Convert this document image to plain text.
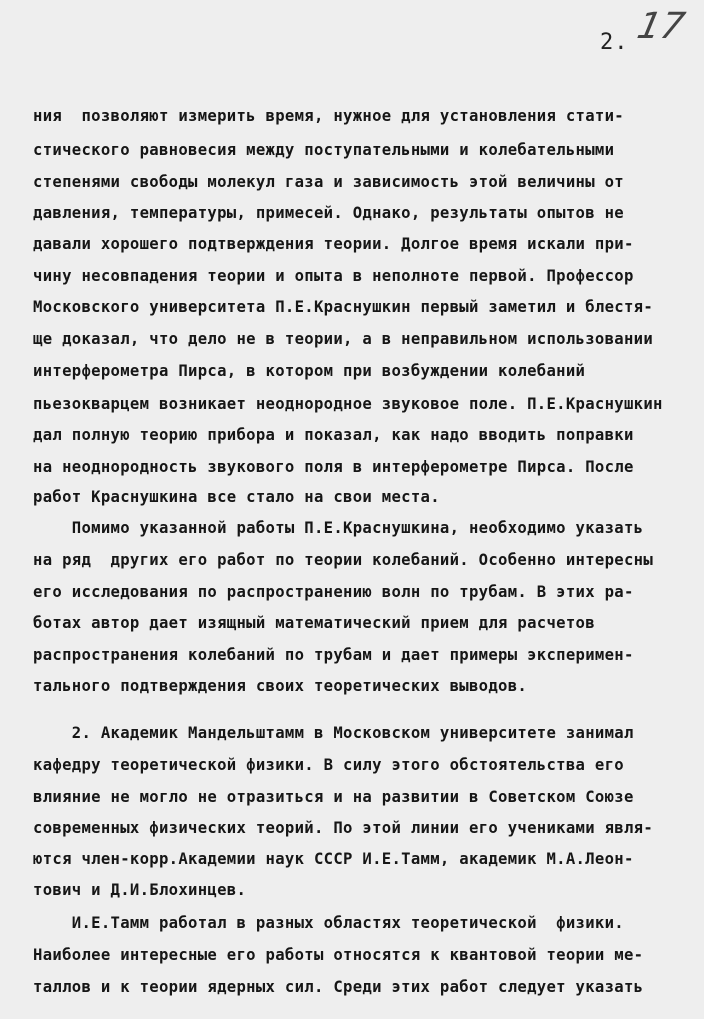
17
2.
ния  позволяют измерить время, нужное для установления стати-
стического равновесия между поступательными и колебательными
степенями свободы молекул газа и зависимость этой величины от
давления, температуры, примесей. Однако, результаты опытов не
давали хорошего подтверждения теории. Долгое время искали при-
чину несовпадения теории и опыта в неполноте первой. Профессор
Московского университета П.Е.Краснушкин первый заметил и блестя-
ще доказал, что дело не в теории, а в неправильном использовании
интерферометра Пирса, в котором при возбуждении колебаний
пьезокварцем возникает неоднородное звуковое поле. П.Е.Краснушкин
дал полную теорию прибора и показал, как надо вводить поправки
на неоднородность звукового поля в интерферометре Пирса. После
работ Краснушкина все стало на свои места.
Помимо указанной работы П.Е.Краснушкина, необходимо указать
на ряд  других его работ по теории колебаний. Особенно интересны
его исследования по распространению волн по трубам. В этих ра-
ботах автор дает изящный математический прием для расчетов
распространения колебаний по трубам и дает примеры эксперимен-
тального подтверждения своих теоретических выводов.
2. Академик Мандельштамм в Московском университете занимал
кафедру теоретической физики. В силу этого обстоятельства его
влияние не могло не отразиться и на развитии в Советском Союзе
современных физических теорий. По этой линии его учениками явля-
ются член-корр.Академии наук СССР И.Е.Тамм, академик М.А.Леон-
тович и Д.И.Блохинцев.
И.Е.Тамм работал в разных областях теоретической  физики.
Наиболее интересные его работы относятся к квантовой теории ме-
таллов и к теории ядерных сил. Среди этих работ следует указать
